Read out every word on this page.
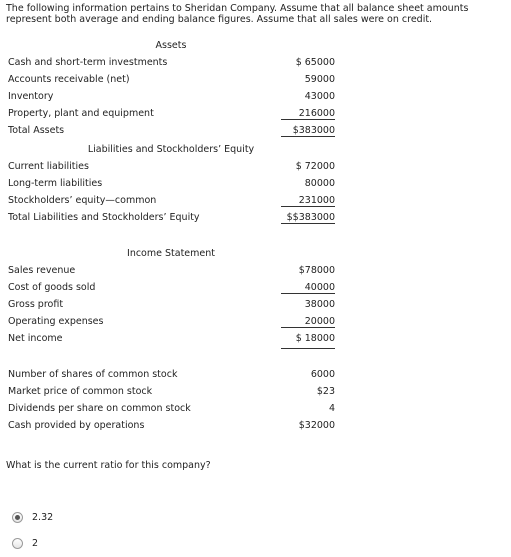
The following information pertains to Sheridan Company. Assume that all balance sheet amounts represent both average and ending balance figures. Assume that all sales were on credit.
Assets
Cash and short-term investments	$ 65000
Accounts receivable (net)	59000
Inventory	43000
Property, plant and equipment	216000
Total Assets	$383000
Liabilities and Stockholders’ Equity
Current liabilities	$ 72000
Long-term liabilities	80000
Stockholders’ equity—common	231000
Total Liabilities and Stockholders’ Equity	$$383000
Income Statement
Sales revenue	$78000
Cost of goods sold	40000
Gross profit	38000
Operating expenses	20000
Net income	$ 18000
Number of shares of common stock	6000
Market price of common stock	$23
Dividends per share on common stock	4
Cash provided by operations	$32000
What is the current ratio for this company?
2.32
2
